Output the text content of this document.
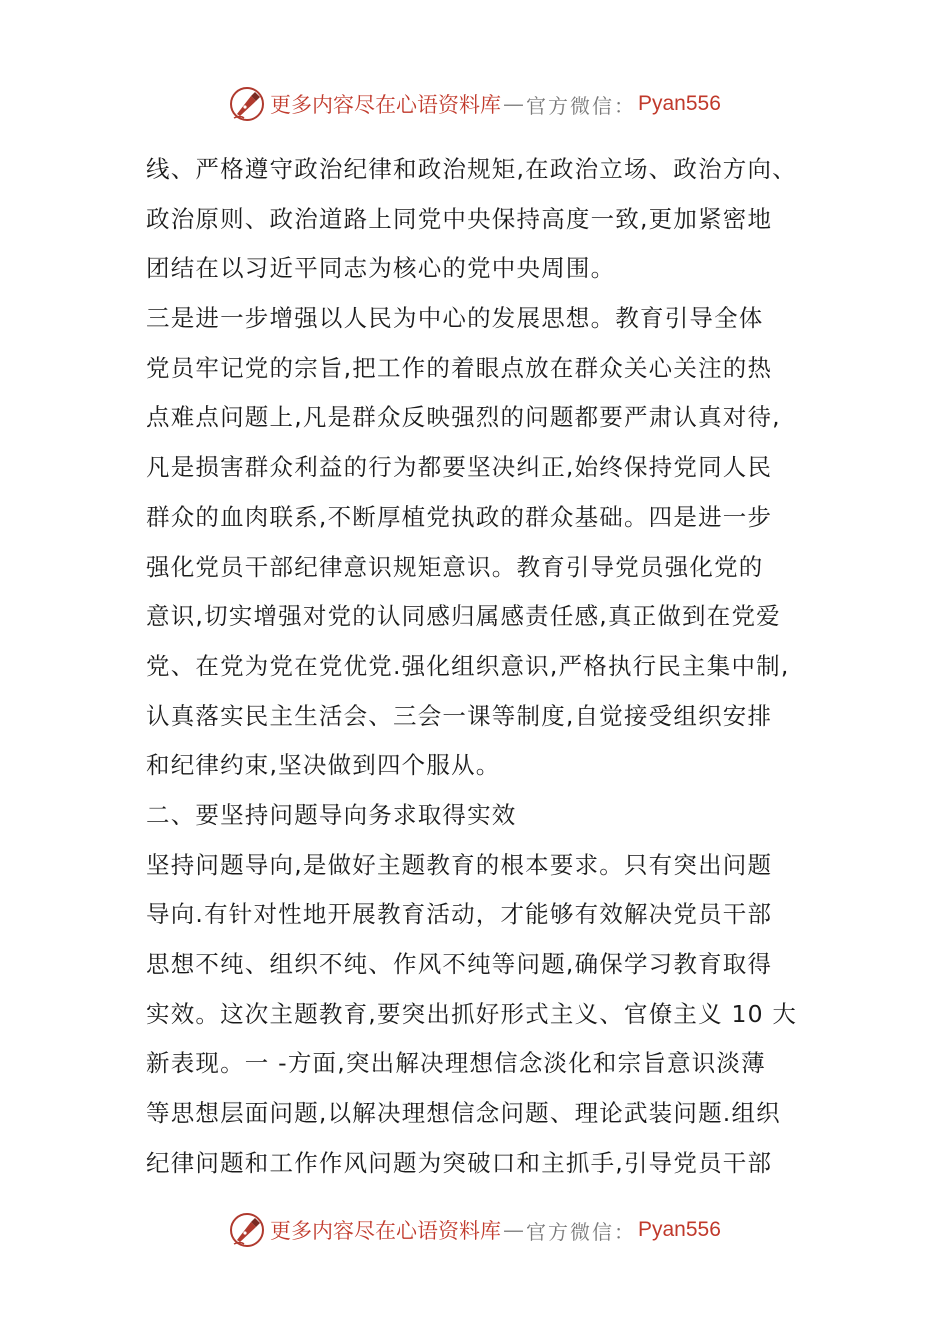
更多内容尽在心语资料库 — 官方微信： Pyan556
线、严格遵守政治纪律和政治规矩,在政治立场、政治方向、
政治原则、政治道路上同党中央保持高度一致,更加紧密地
团结在以习近平同志为核心的党中央周围。
三是进一步增强以人民为中心的发展思想。教育引导全体
党员牢记党的宗旨,把工作的着眼点放在群众关心关注的热
点难点问题上,凡是群众反映强烈的问题都要严肃认真对待,
凡是损害群众利益的行为都要坚决纠正,始终保持党同人民
群众的血肉联系,不断厚植党执政的群众基础。四是进一步
强化党员干部纪律意识规矩意识。教育引导党员强化党的
意识,切实增强对党的认同感归属感责任感,真正做到在党爱
党、在党为党在党优党.强化组织意识,严格执行民主集中制,
认真落实民主生活会、三会一课等制度,自觉接受组织安排
和纪律约束,坚决做到四个服从。
二、要坚持问题导向务求取得实效
坚持问题导向,是做好主题教育的根本要求。只有突出问题
导向.有针对性地开展教育活动，才能够有效解决党员干部
思想不纯、组织不纯、作风不纯等问题,确保学习教育取得
实效。这次主题教育,要突出抓好形式主义、官僚主义 10 大
新表现。一 -方面,突出解决理想信念淡化和宗旨意识淡薄
等思想层面问题,以解决理想信念问题、理论武装问题.组织
纪律问题和工作作风问题为突破口和主抓手,引导党员干部
更多内容尽在心语资料库 — 官方微信： Pyan556
